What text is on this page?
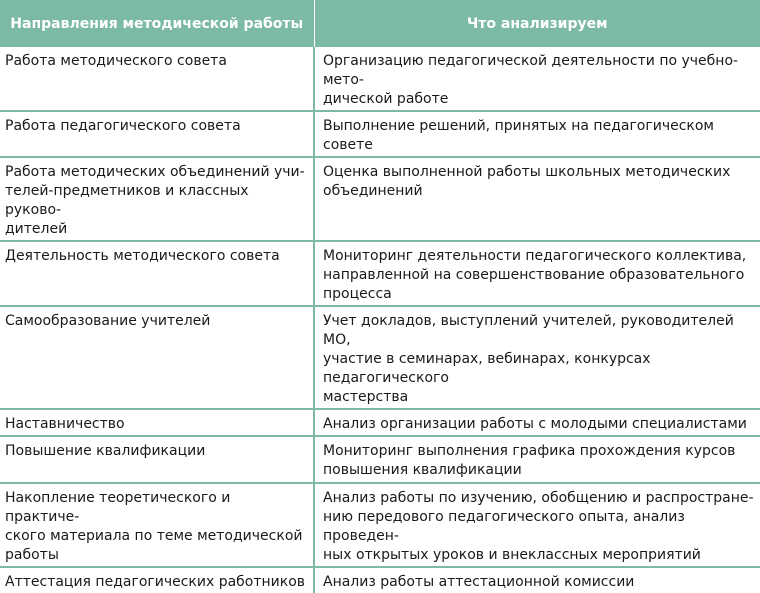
Направления методической работы	Что анализируем
Работа методического совета	Организацию педагогической деятельности по учебно-мето-
дической работе
Работа педагогического совета	Выполнение решений, принятых на педагогическом совете
Работа методических объединений учи-
телей-предметников и классных руково-
дителей	Оценка выполненной работы школьных методических
объединений
Деятельность методического совета	Мониторинг деятельности педагогического коллектива,
направленной на совершенствование образовательного
процесса
Самообразование учителей	Учет докладов, выступлений учителей, руководителей МО,
участие в семинарах, вебинарах, конкурсах педагогического
мастерства
Наставничество	Анализ организации работы с молодыми специалистами
Повышение квалификации	Мониторинг выполнения графика прохождения курсов
повышения квалификации
Накопление теоретического и практиче-
ского материала по теме методической
работы	Анализ работы по изучению, обобщению и распростране-
нию передового педагогического опыта, анализ проведен-
ных открытых уроков и внеклассных мероприятий
Аттестация педагогических работников	Анализ работы аттестационной комиссии
